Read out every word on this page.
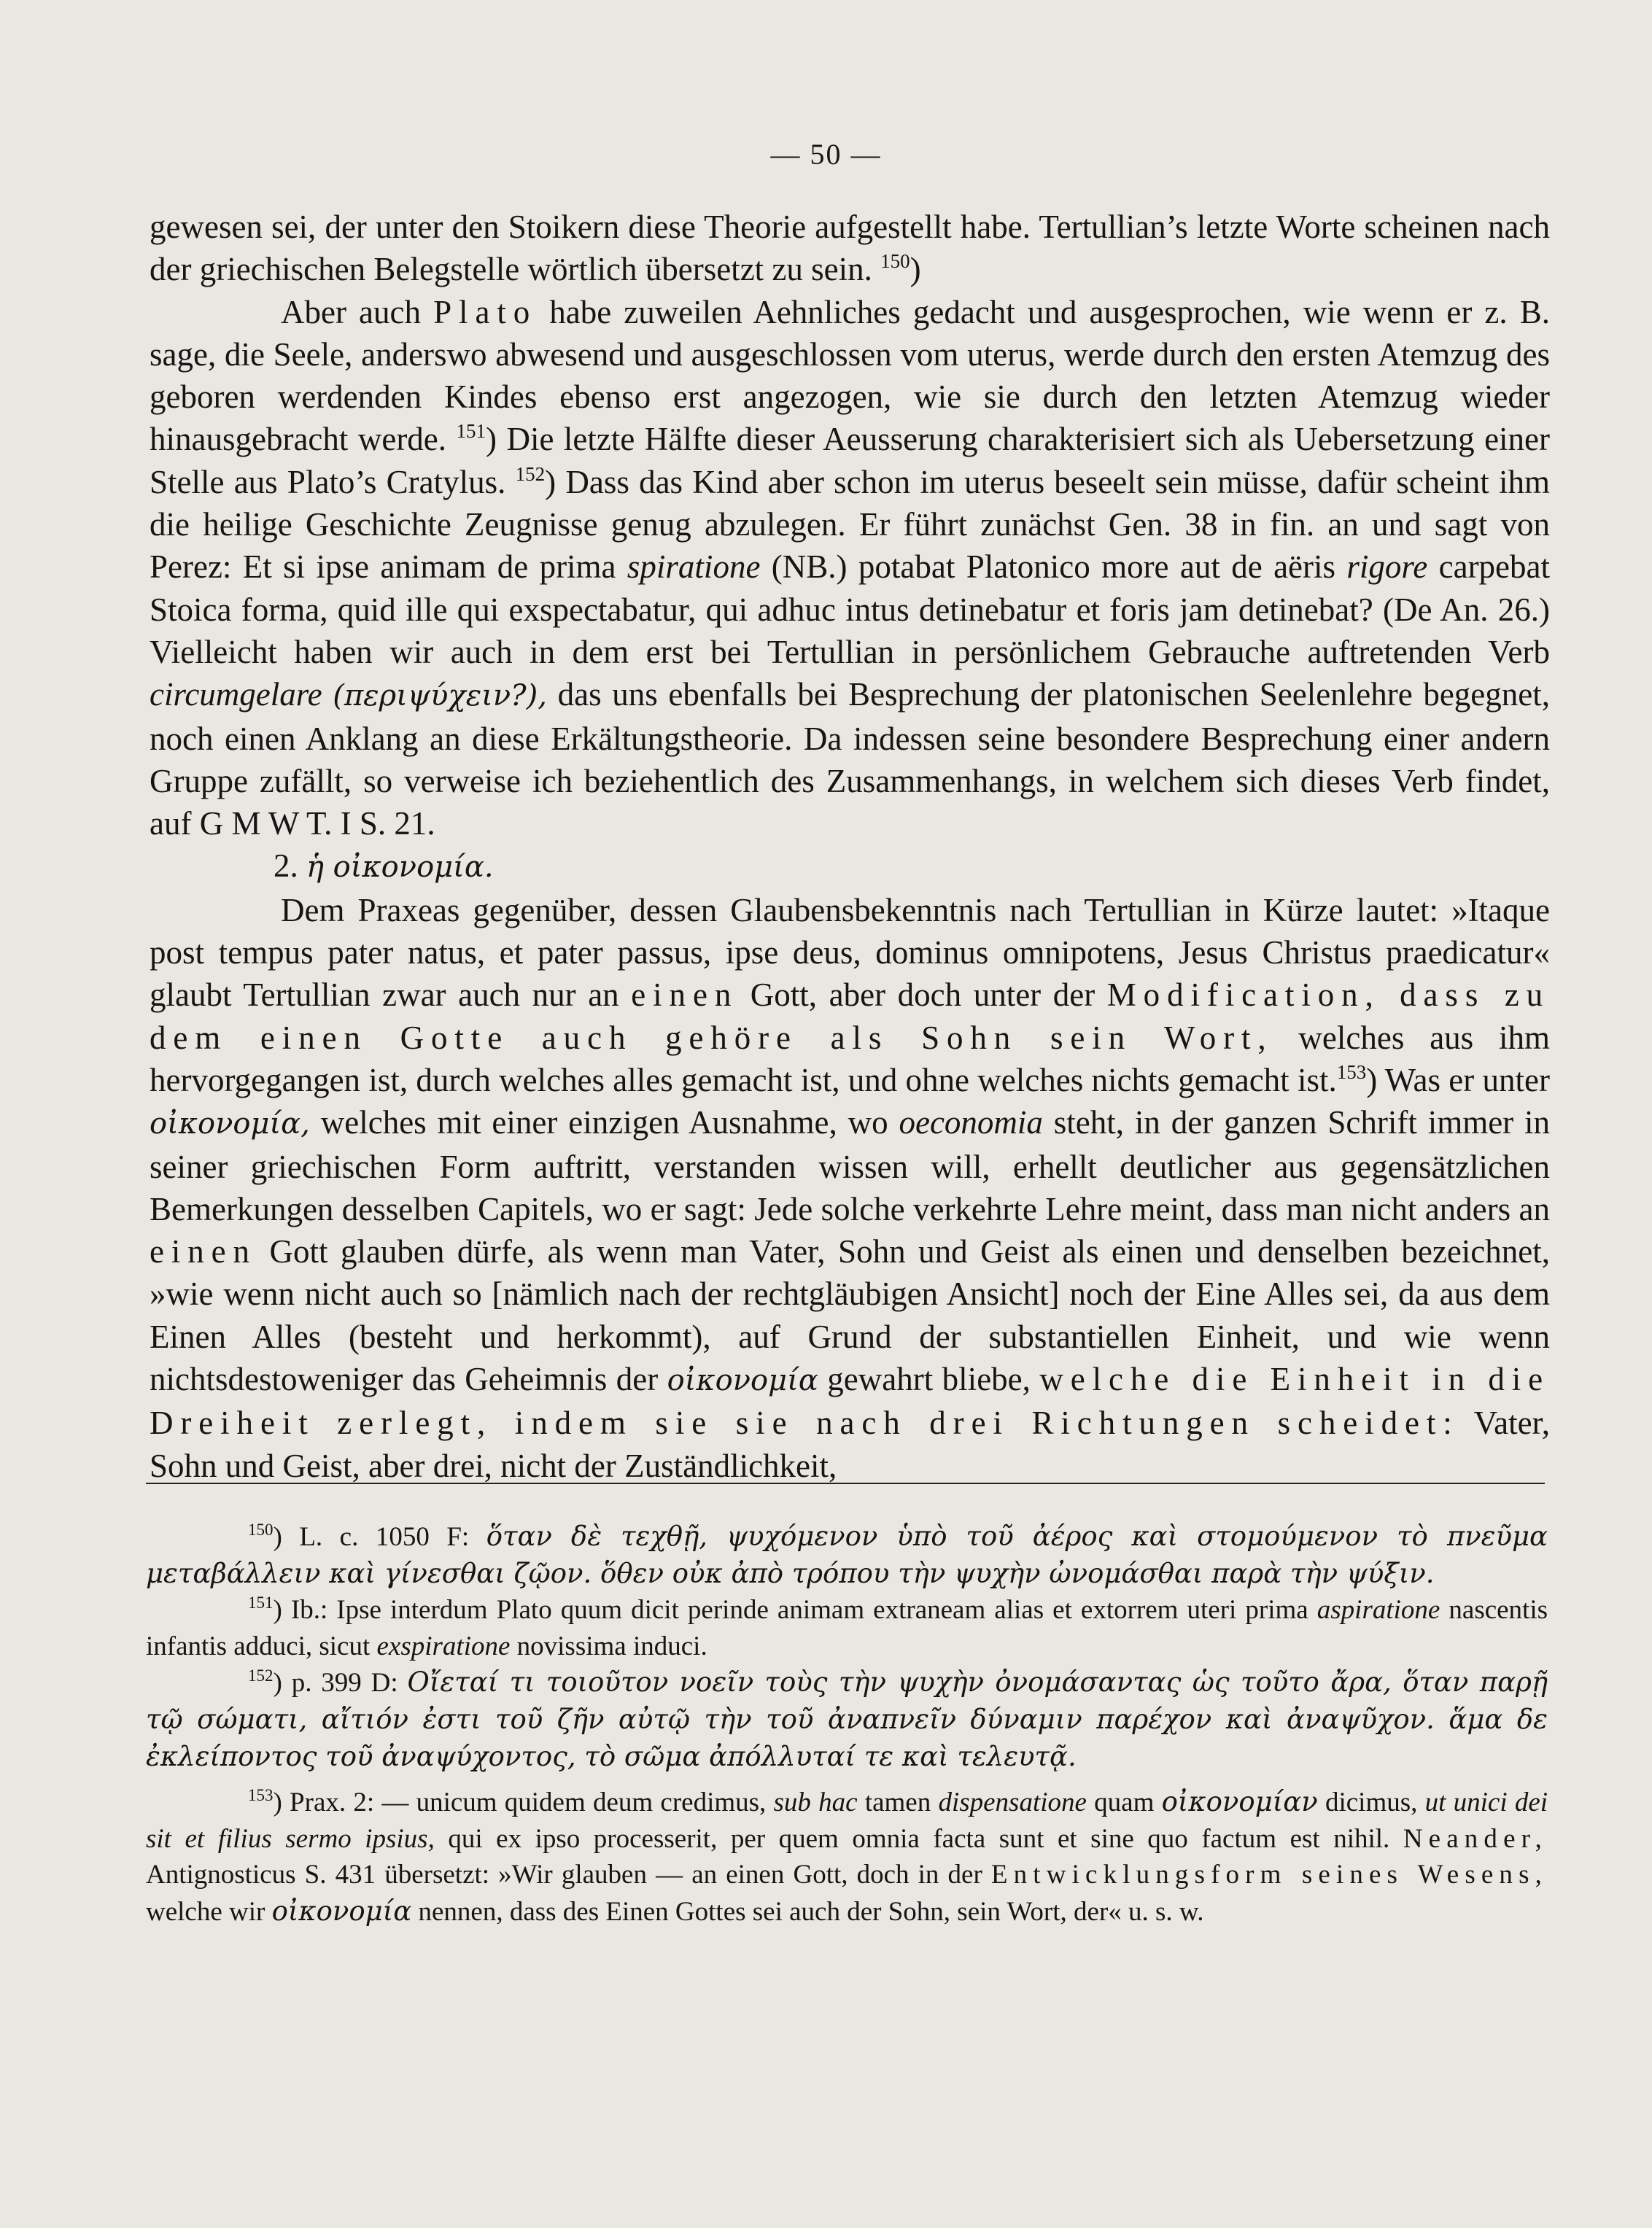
— 50 —

gewesen sei, der unter den Stoikern diese Theorie aufgestellt habe. Tertullian’s letzte Worte scheinen nach der griechischen Belegstelle wörtlich übersetzt zu sein. $^{150}$)

Aber auch Plato habe zuweilen Aehnliches gedacht und ausgesprochen, wie wenn er z. B. sage, die Seele, anderswo abwesend und ausgeschlossen vom uterus, werde durch den ersten Atemzug des geboren werdenden Kindes ebenso erst angezogen, wie sie durch den letzten Atemzug wieder hinausgebracht werde. $^{151}$) Die letzte Hälfte dieser Aeusserung charakterisiert sich als Uebersetzung einer Stelle aus Plato’s Cratylus. $^{152}$) Dass das Kind aber schon im uterus beseelt sein müsse, dafür scheint ihm die heilige Geschichte Zeugnisse genug abzulegen. Er führt zunächst Gen. 38 in fin. an und sagt von Perez: Et si ipse animam de prima spiratione (NB.) potabat Platonico more aut de aëris rigore carpebat Stoica forma, quid ille qui exspectabatur, qui adhuc intus detinebatur et foris jam detinebat? (De An. 26.) Vielleicht haben wir auch in dem erst bei Tertullian in persönlichem Gebrauche auftretenden Verb circumgelare (περιψύχειν?), das uns ebenfalls bei Besprechung der platonischen Seelenlehre begegnet, noch einen Anklang an diese Erkältungstheorie. Da indessen seine besondere Besprechung einer andern Gruppe zufällt, so verweise ich beziehentlich des Zusammenhangs, in welchem sich dieses Verb findet, auf G M W T. I S. 21.

2. ἡ οἰκονομία.

Dem Praxeas gegenüber, dessen Glaubensbekenntnis nach Tertullian in Kürze lautet: »Itaque post tempus pater natus, et pater passus, ipse deus, dominus omnipotens, Jesus Christus praedicatur« glaubt Tertullian zwar auch nur an einen Gott, aber doch unter der Modification, dass zu dem einen Gotte auch gehöre als Sohn sein Wort, welches aus ihm hervorgegangen ist, durch welches alles gemacht ist, und ohne welches nichts gemacht ist.$^{153}$) Was er unter οἰκονομία, welches mit einer einzigen Ausnahme, wo oeconomia steht, in der ganzen Schrift immer in seiner griechischen Form auftritt, verstanden wissen will, erhellt deutlicher aus gegensätzlichen Bemerkungen desselben Capitels, wo er sagt: Jede solche verkehrte Lehre meint, dass man nicht anders an einen Gott glauben dürfe, als wenn man Vater, Sohn und Geist als einen und denselben bezeichnet, »wie wenn nicht auch so [nämlich nach der rechtgläubigen Ansicht] noch der Eine Alles sei, da aus dem Einen Alles (besteht und herkommt), auf Grund der substantiellen Einheit, und wie wenn nichtsdestoweniger das Geheimnis der οἰκονομία gewahrt bliebe, welche die Einheit in die Dreiheit zerlegt, indem sie sie nach drei Richtungen scheidet: Vater, Sohn und Geist, aber drei, nicht der Zuständlichkeit,

$^{150}$) L. c. 1050 F: ὅταν δὲ τεχθῇ, ψυχόμενον ὑπὸ τοῦ ἀέρος καὶ στομούμενον τὸ πνεῦμα μεταβάλλειν καὶ γίνεσθαι ζῷον. ὅθεν οὐκ ἀπὸ τρόπου τὴν ψυχὴν ὠνομάσθαι παρὰ τὴν ψύξιν.

$^{151}$) Ib.: Ipse interdum Plato quum dicit perinde animam extraneam alias et extorrem uteri prima aspiratione nascentis infantis adduci, sicut exspiratione novissima induci.

$^{152}$) p. 399 D: Οἴεταί τι τοιοῦτον νοεῖν τοὺς τὴν ψυχὴν ὀνομάσαντας ὡς τοῦτο ἄρα, ὅταν παρῇ τῷ σώματι, αἴτιόν ἐστι τοῦ ζῆν αὐτῷ τὴν τοῦ ἀναπνεῖν δύναμιν παρέχον καὶ ἀναψῦχον. ἅμα δε ἐκλείποντος τοῦ ἀναψύχοντος, τὸ σῶμα ἀπόλλυταί τε καὶ τελευτᾷ.

$^{153}$) Prax. 2: — unicum quidem deum credimus, sub hac tamen dispensatione quam οἰκονομίαν dicimus, ut unici dei sit et filius sermo ipsius, qui ex ipso processerit, per quem omnia facta sunt et sine quo factum est nihil. Neander, Antignosticus S. 431 übersetzt: »Wir glauben — an einen Gott, doch in der Entwicklungsform seines Wesens, welche wir οἰκονομία nennen, dass des Einen Gottes sei auch der Sohn, sein Wort, der« u. s. w.
